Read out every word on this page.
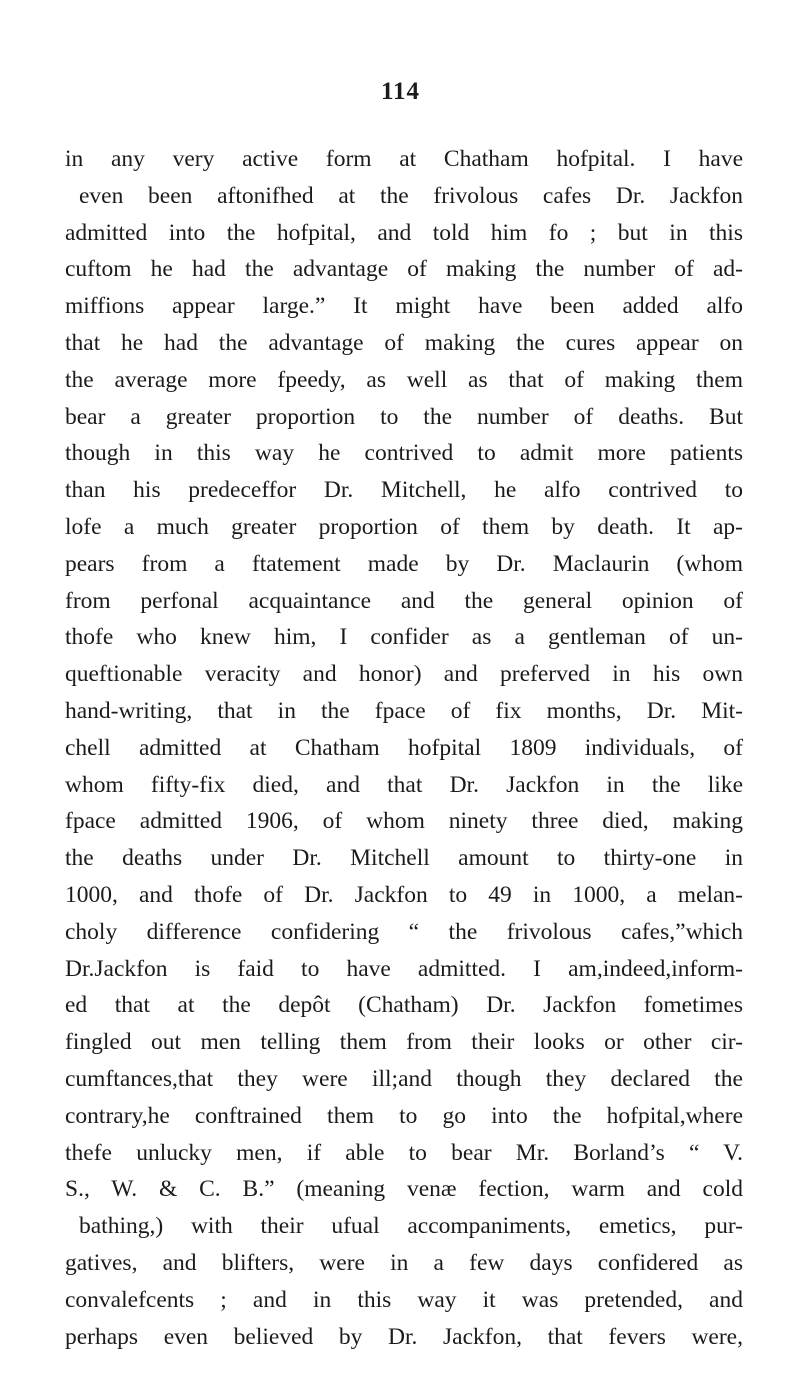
114
in any very active form at Chatham hofpital. I have
even been aftonifhed at the frivolous cafes Dr. Jackfon
admitted into the hofpital, and told him fo ; but in this
cuftom he had the advantage of making the number of ad-
miffions appear large.” It might have been added alfo
that he had the advantage of making the cures appear on
the average more fpeedy, as well as that of making them
bear a greater proportion to the number of deaths. But
though in this way he contrived to admit more patients
than his predeceffor Dr. Mitchell, he alfo contrived to
lofe a much greater proportion of them by death. It ap-
pears from a ftatement made by Dr. Maclaurin (whom
from perfonal acquaintance and the general opinion of
thofe who knew him, I confider as a gentleman of un-
queftionable veracity and honor) and preferved in his own
hand-writing, that in the fpace of fix months, Dr. Mit-
chell admitted at Chatham hofpital 1809 individuals, of
whom fifty-fix died, and that Dr. Jackfon in the like
fpace admitted 1906, of whom ninety three died, making
the deaths under Dr. Mitchell amount to thirty-one in
1000, and thofe of Dr. Jackfon to 49 in 1000, a melan-
choly difference confidering “ the frivolous cafes,”which
Dr.Jackfon is faid to have admitted. I am,indeed,inform-
ed that at the depôt (Chatham) Dr. Jackfon fometimes
fingled out men telling them from their looks or other cir-
cumftances,that they were ill;and though they declared the
contrary,he conftrained them to go into the hofpital,where
thefe unlucky men, if able to bear Mr. Borland’s “ V.
S., W. & C. B.” (meaning venæ fection, warm and cold
bathing,) with their ufual accompaniments, emetics, pur-
gatives, and blifters, were in a few days confidered as
convalefcents ; and in this way it was pretended, and
perhaps even believed by Dr. Jackfon, that fevers were,
